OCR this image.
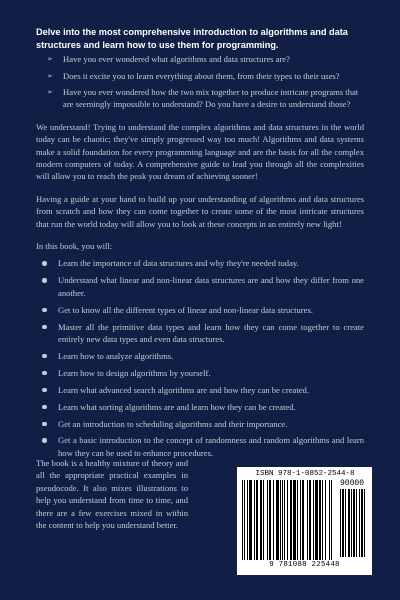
Delve into the most comprehensive introduction to algorithms and data structures and learn how to use them for programming.
➢ Have you ever wondered what algorithms and data structures are?
➢ Does it excite you to learn everything about them, from their types to their uses?
➢ Have you ever wondered how the two mix together to produce intricate programs that are seemingly impossible to understand? Do you have a desire to understand those?

We understand! Trying to understand the complex algorithms and data structures in the world today can be chaotic; they've simply progressed way too much! Algorithms and data systems make a solid foundation for every programming language and are the basis for all the complex modern computers of today. A comprehensive guide to lead you through all the complexities will allow you to reach the peak you dream of achieving sooner!

Having a guide at your hand to build up your understanding of algorithms and data structures from scratch and how they can come together to create some of the most intricate structures that run the world today will allow you to look at these concepts in an entirely new light!

In this book, you will:

Learn the importance of data structures and why they're needed today.
Understand what linear and non-linear data structures are and how they differ from one another.
Get to know all the different types of linear and non-linear data structures.
Master all the primitive data types and learn how they can come together to create entirely new data types and even data structures.
Learn how to analyze algorithms.
Learn how to design algorithms by yourself.
Learn what advanced search algorithms are and how they can be created.
Learn what sorting algorithms are and learn how they can be created.
Get an introduction to scheduling algorithms and their importance.
Get a basic introduction to the concept of randomness and random algorithms and learn how they can be used to enhance procedures.

The book is a healthy mixture of theory and all the appropriate practical examples in pseudocode. It also mixes illustrations to help you understand from time to time, and there are a few exercises mixed in within the content to help you understand better.

ISBN 978-1-0852-2544-8
90000
9 781088 225448
